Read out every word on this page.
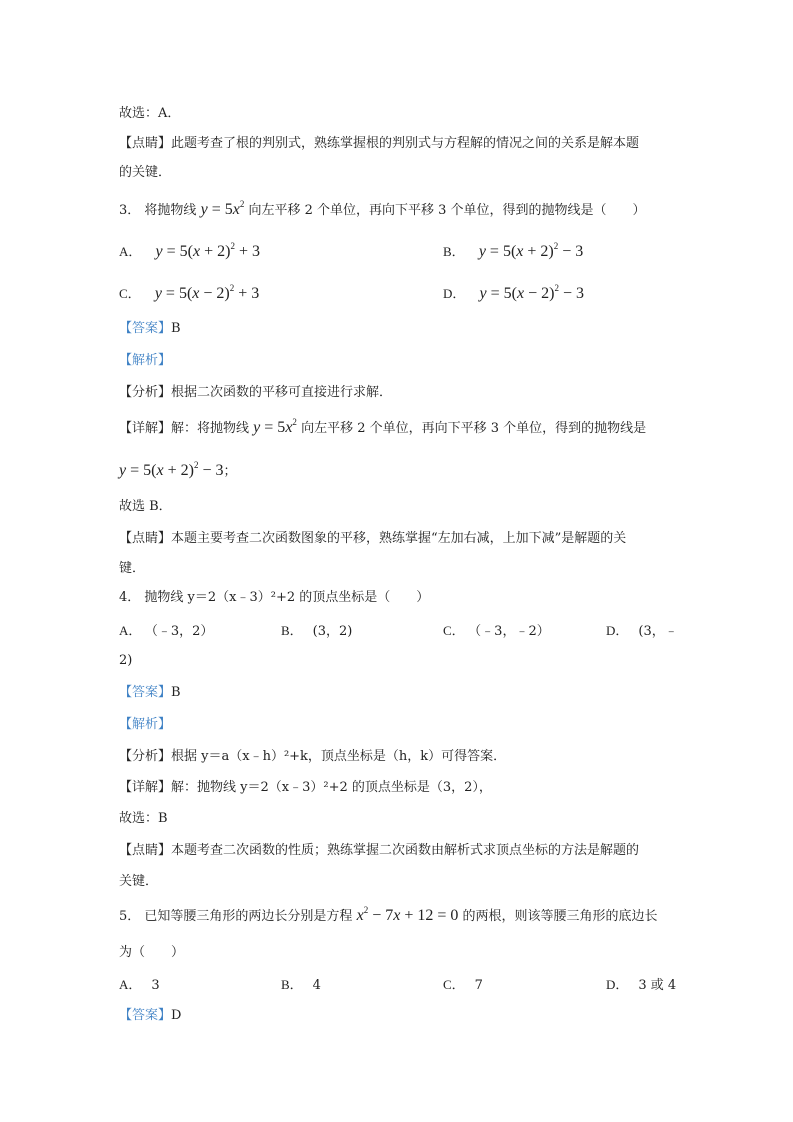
故选：A．
【点睛】此题考查了根的判别式，熟练掌握根的判别式与方程解的情况之间的关系是解本题
的关键．
3． 将抛物线 $y = 5x^2$ 向左平移 2 个单位，再向下平移 3 个单位，得到的抛物线是（　　）
A． $y = 5(x + 2)^2 + 3$	B． $y = 5(x + 2)^2 - 3$
C． $y = 5(x - 2)^2 + 3$	D． $y = 5(x - 2)^2 - 3$
【答案】B
【解析】
【分析】根据二次函数的平移可直接进行求解．
【详解】解：将抛物线 $y = 5x^2$ 向左平移 2 个单位，再向下平移 3 个单位，得到的抛物线是
$y = 5(x + 2)^2 - 3$；
故选 B．
【点睛】本题主要考查二次函数图象的平移，熟练掌握“左加右减，上加下减”是解题的关
键．
4． 抛物线 y＝2（x﹣3）²+2 的顶点坐标是（　　）
A． （﹣3，2）	B． (3，2)	C． （﹣3，﹣2）	D． (3，﹣
2)
【答案】B
【解析】
【分析】根据 y＝a（x﹣h）²+k，顶点坐标是（h，k）可得答案．
【详解】解：抛物线 y＝2（x﹣3）²+2 的顶点坐标是（3，2），
故选：B
【点睛】本题考查二次函数的性质；熟练掌握二次函数由解析式求顶点坐标的方法是解题的
关键．
5． 已知等腰三角形的两边长分别是方程 $x^2 - 7x + 12 = 0$ 的两根，则该等腰三角形的底边长
为（　　）
A． 3	B． 4	C． 7	D． 3 或 4
【答案】D
